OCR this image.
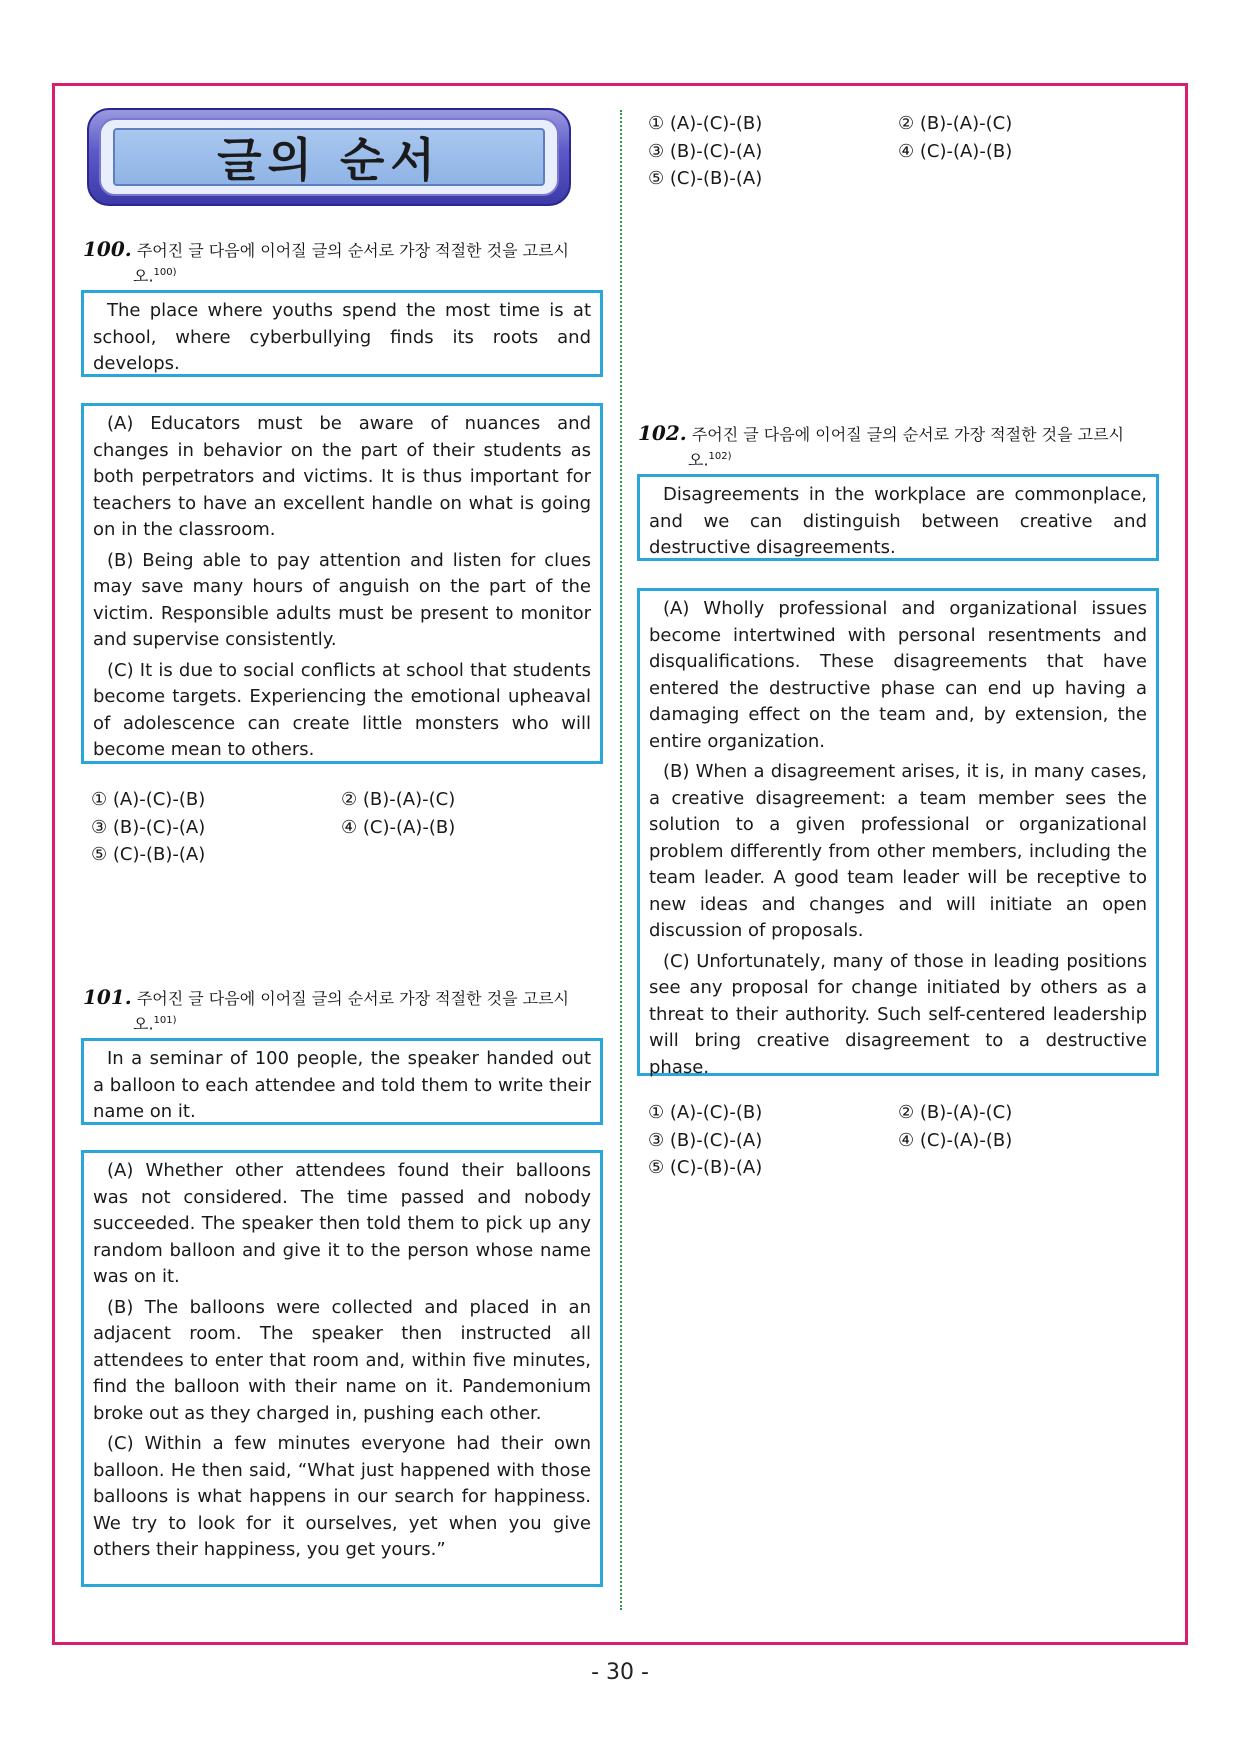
글의 순서
100. 주어진 글 다음에 이어질 글의 순서로 가장 적절한 것을 고르시
오.$^{100)}$

The place where youths spend the most time is at school, where cyberbullying finds its roots and develops.

(A) Educators must be aware of nuances and changes in behavior on the part of their students as both perpetrators and victims. It is thus important for teachers to have an excellent handle on what is going on in the classroom.

(B) Being able to pay attention and listen for clues may save many hours of anguish on the part of the victim. Responsible adults must be present to monitor and supervise consistently.

(C) It is due to social conflicts at school that students become targets. Experiencing the emotional upheaval of adolescence can create little monsters who will become mean to others.

① (A)-(C)-(B)	② (B)-(A)-(C)
③ (B)-(C)-(A)	④ (C)-(A)-(B)
⑤ (C)-(B)-(A)
101. 주어진 글 다음에 이어질 글의 순서로 가장 적절한 것을 고르시
오.$^{101)}$

In a seminar of 100 people, the speaker handed out a balloon to each attendee and told them to write their name on it.

(A) Whether other attendees found their balloons was not considered. The time passed and nobody succeeded. The speaker then told them to pick up any random balloon and give it to the person whose name was on it.

(B) The balloons were collected and placed in an adjacent room. The speaker then instructed all attendees to enter that room and, within five minutes, find the balloon with their name on it. Pandemonium broke out as they charged in, pushing each other.

(C) Within a few minutes everyone had their own balloon. He then said, “What just happened with those balloons is what happens in our search for happiness. We try to look for it ourselves, yet when you give others their happiness, you get yours.”

① (A)-(C)-(B)	② (B)-(A)-(C)
③ (B)-(C)-(A)	④ (C)-(A)-(B)
⑤ (C)-(B)-(A)
102. 주어진 글 다음에 이어질 글의 순서로 가장 적절한 것을 고르시
오.$^{102)}$

Disagreements in the workplace are commonplace, and we can distinguish between creative and destructive disagreements.

(A) Wholly professional and organizational issues become intertwined with personal resentments and disqualifications. These disagreements that have entered the destructive phase can end up having a damaging effect on the team and, by extension, the entire organization.

(B) When a disagreement arises, it is, in many cases, a creative disagreement: a team member sees the solution to a given professional or organizational problem differently from other members, including the team leader. A good team leader will be receptive to new ideas and changes and will initiate an open discussion of proposals.

(C) Unfortunately, many of those in leading positions see any proposal for change initiated by others as a threat to their authority. Such self-centered leadership will bring creative disagreement to a destructive phase.

① (A)-(C)-(B)	② (B)-(A)-(C)
③ (B)-(C)-(A)	④ (C)-(A)-(B)
⑤ (C)-(B)-(A)
- 30 -
